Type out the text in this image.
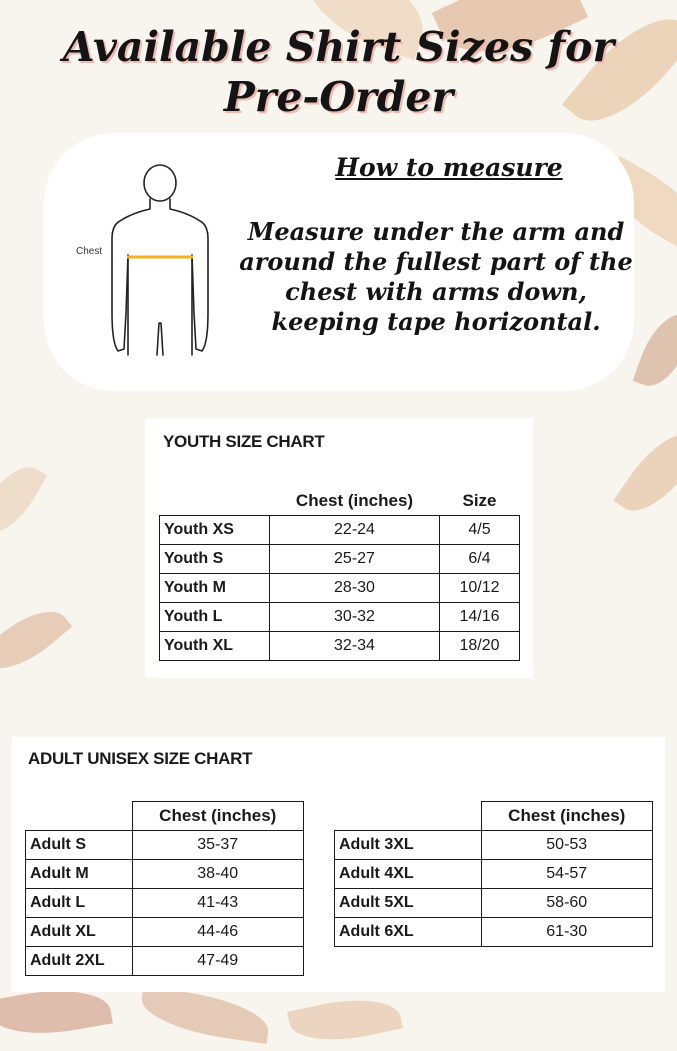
Available Shirt Sizes for
Pre-Order
Chest
How to measure
Measure under the arm and around the fullest part of the chest with arms down, keeping tape horizontal.
YOUTH SIZE CHART
	Chest (inches)	Size
Youth XS	22-24	4/5
Youth S	25-27	6/4
Youth M	28-30	10/12
Youth L	30-32	14/16
Youth XL	32-34	18/20
ADULT UNISEX SIZE CHART
	Chest (inches)
Adult S	35-37
Adult M	38-40
Adult L	41-43
Adult XL	44-46
Adult 2XL	47-49
	Chest (inches)
Adult 3XL	50-53
Adult 4XL	54-57
Adult 5XL	58-60
Adult 6XL	61-30
